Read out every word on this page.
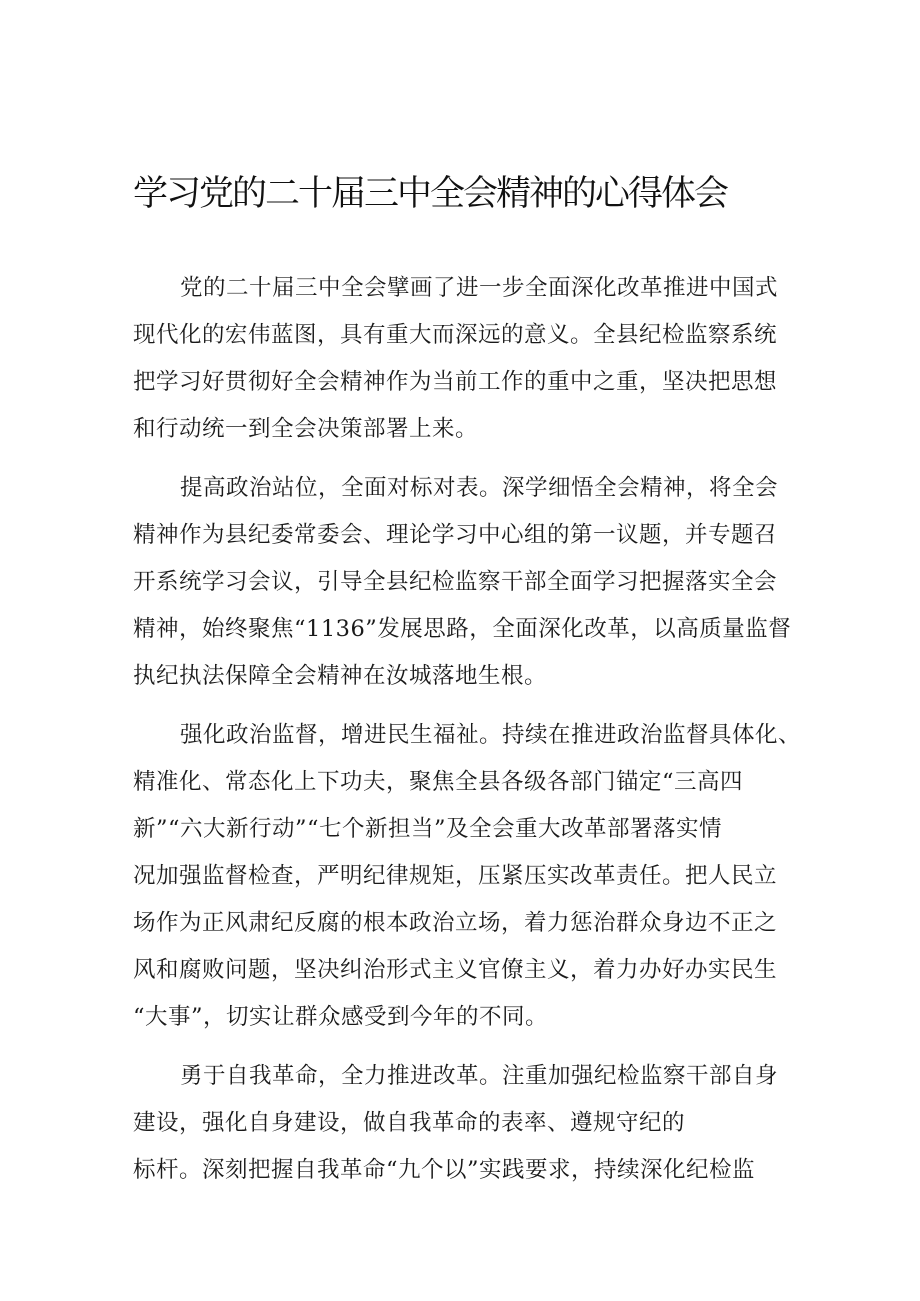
学习党的二十届三中全会精神的心得体会

党的二十届三中全会擘画了进一步全面深化改革推进中国式
现代化的宏伟蓝图，具有重大而深远的意义。全县纪检监察系统
把学习好贯彻好全会精神作为当前工作的重中之重，坚决把思想
和行动统一到全会决策部署上来。

提高政治站位，全面对标对表。深学细悟全会精神，将全会
精神作为县纪委常委会、理论学习中心组的第一议题，并专题召
开系统学习会议，引导全县纪检监察干部全面学习把握落实全会
精神，始终聚焦“1136”发展思路，全面深化改革，以高质量监督
执纪执法保障全会精神在汝城落地生根。

强化政治监督，增进民生福祉。持续在推进政治监督具体化、
精准化、常态化上下功夫，聚焦全县各级各部门锚定“三高四
新”“六大新行动”“七个新担当”及全会重大改革部署落实情
况加强监督检查，严明纪律规矩，压紧压实改革责任。把人民立
场作为正风肃纪反腐的根本政治立场，着力惩治群众身边不正之
风和腐败问题，坚决纠治形式主义官僚主义，着力办好办实民生
“大事”，切实让群众感受到今年的不同。

勇于自我革命，全力推进改革。注重加强纪检监察干部自身
建设，强化自身建设，做自我革命的表率、遵规守纪的
标杆。深刻把握自我革命“九个以”实践要求，持续深化纪检监
